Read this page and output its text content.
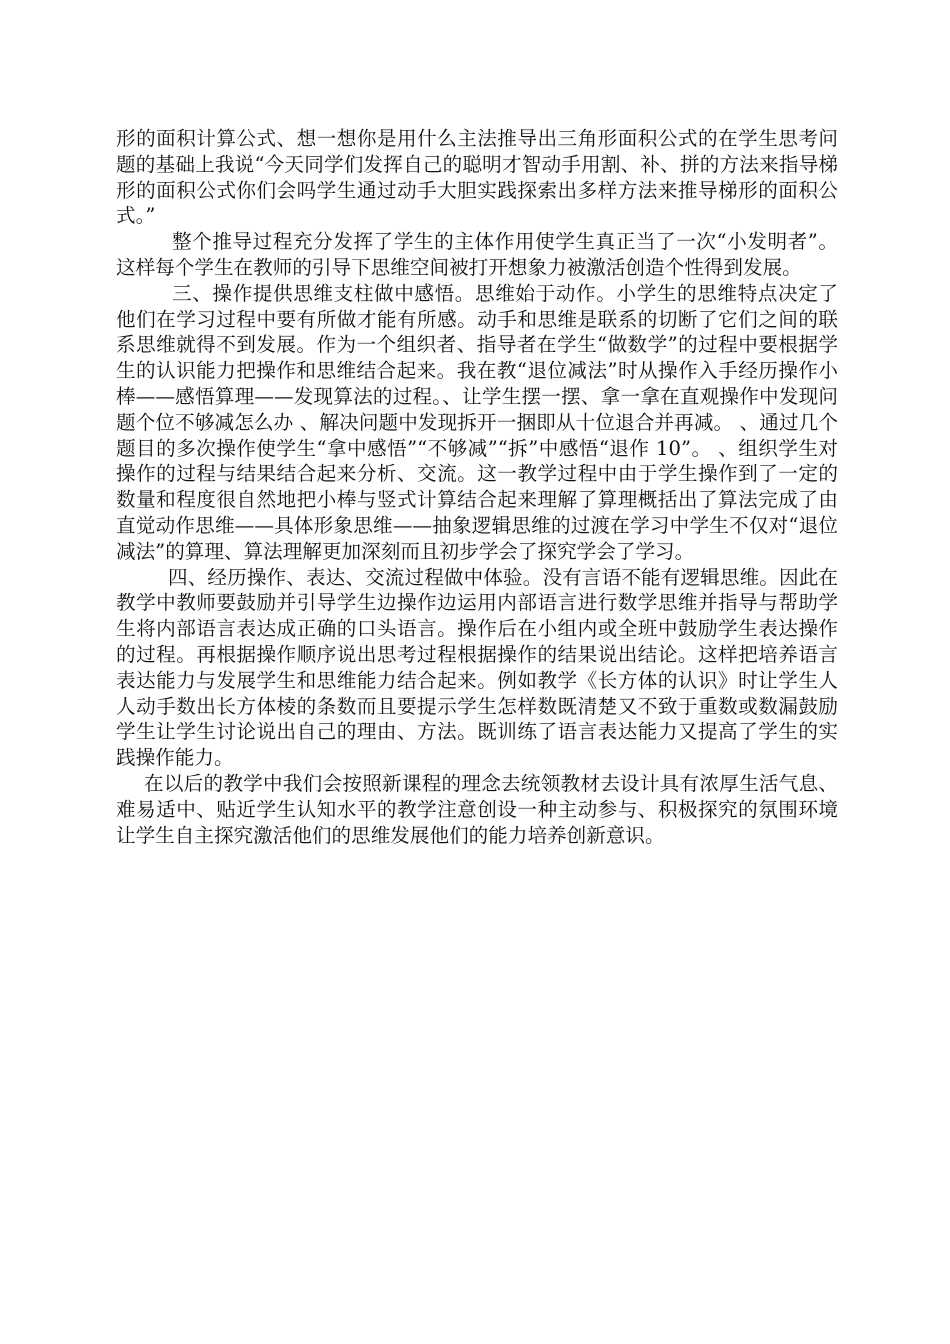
形的面积计算公式、想一想你是用什么主法推导出三角形面积公式的在学生思考问题的基础上我说“今天同学们发挥自己的聪明才智动手用割、补、拼的方法来指导梯形的面积公式你们会吗学生通过动手大胆实践探索出多样方法来推导梯形的面积公式。”

整个推导过程充分发挥了学生的主体作用使学生真正当了一次“小发明者”。这样每个学生在教师的引导下思维空间被打开想象力被激活创造个性得到发展。

三、操作提供思维支柱做中感悟。思维始于动作。小学生的思维特点决定了他们在学习过程中要有所做才能有所感。动手和思维是联系的切断了它们之间的联系思维就得不到发展。作为一个组织者、指导者在学生“做数学”的过程中要根据学生的认识能力把操作和思维结合起来。我在教“退位减法”时从操作入手经历操作小棒——感悟算理——发现算法的过程。、让学生摆一摆、拿一拿在直观操作中发现问题个位不够减怎么办 、解决问题中发现拆开一捆即从十位退合并再减。 、通过几个题目的多次操作使学生“拿中感悟”“不够减”“拆”中感悟“退作 10”。 、组织学生对操作的过程与结果结合起来分析、交流。这一教学过程中由于学生操作到了一定的数量和程度很自然地把小棒与竖式计算结合起来理解了算理概括出了算法完成了由直觉动作思维——具体形象思维——抽象逻辑思维的过渡在学习中学生不仅对“退位减法”的算理、算法理解更加深刻而且初步学会了探究学会了学习。

四、经历操作、表达、交流过程做中体验。没有言语不能有逻辑思维。因此在教学中教师要鼓励并引导学生边操作边运用内部语言进行数学思维并指导与帮助学生将内部语言表达成正确的口头语言。操作后在小组内或全班中鼓励学生表达操作的过程。再根据操作顺序说出思考过程根据操作的结果说出结论。这样把培养语言表达能力与发展学生和思维能力结合起来。例如教学《长方体的认识》时让学生人人动手数出长方体棱的条数而且要提示学生怎样数既清楚又不致于重数或数漏鼓励学生让学生讨论说出自己的理由、方法。既训练了语言表达能力又提高了学生的实践操作能力。

在以后的教学中我们会按照新课程的理念去统领教材去设计具有浓厚生活气息、难易适中、贴近学生认知水平的教学注意创设一种主动参与、积极探究的氛围环境让学生自主探究激活他们的思维发展他们的能力培养创新意识。
